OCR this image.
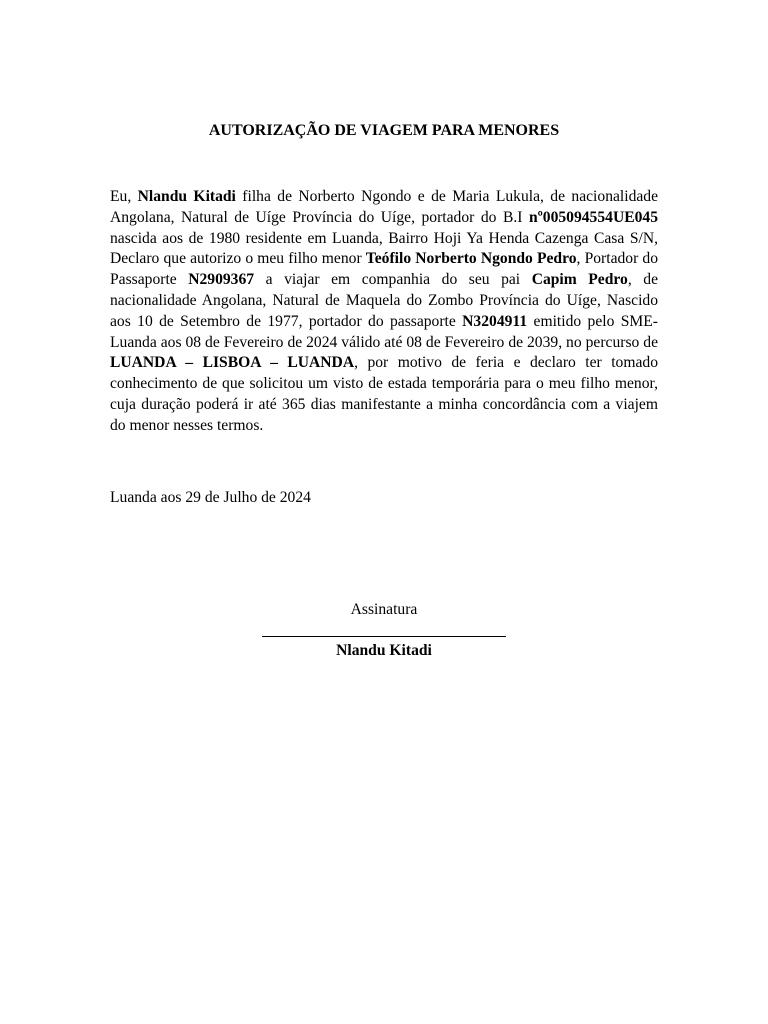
AUTORIZAÇÃO DE VIAGEM PARA MENORES

Eu, Nlandu Kitadi filha de Norberto Ngondo e de Maria Lukula, de nacionalidade Angolana, Natural de Uíge Província do Uíge, portador do B.I nº005094554UE045 nascida aos de 1980 residente em Luanda, Bairro Hoji Ya Henda Cazenga Casa S/N, Declaro que autorizo o meu filho menor Teófilo Norberto Ngondo Pedro, Portador do Passaporte N2909367 a viajar em companhia do seu pai Capim Pedro, de nacionalidade Angolana, Natural de Maquela do Zombo Província do Uíge, Nascido aos 10 de Setembro de 1977, portador do passaporte N3204911 emitido pelo SME-Luanda aos 08 de Fevereiro de 2024 válido até 08 de Fevereiro de 2039, no percurso de LUANDA – LISBOA – LUANDA, por motivo de feria e declaro ter tomado conhecimento de que solicitou um visto de estada temporária para o meu filho menor, cuja duração poderá ir até 365 dias manifestante a minha concordância com a viajem do menor nesses termos.

Luanda aos 29 de Julho de 2024

Assinatura

Nlandu Kitadi
